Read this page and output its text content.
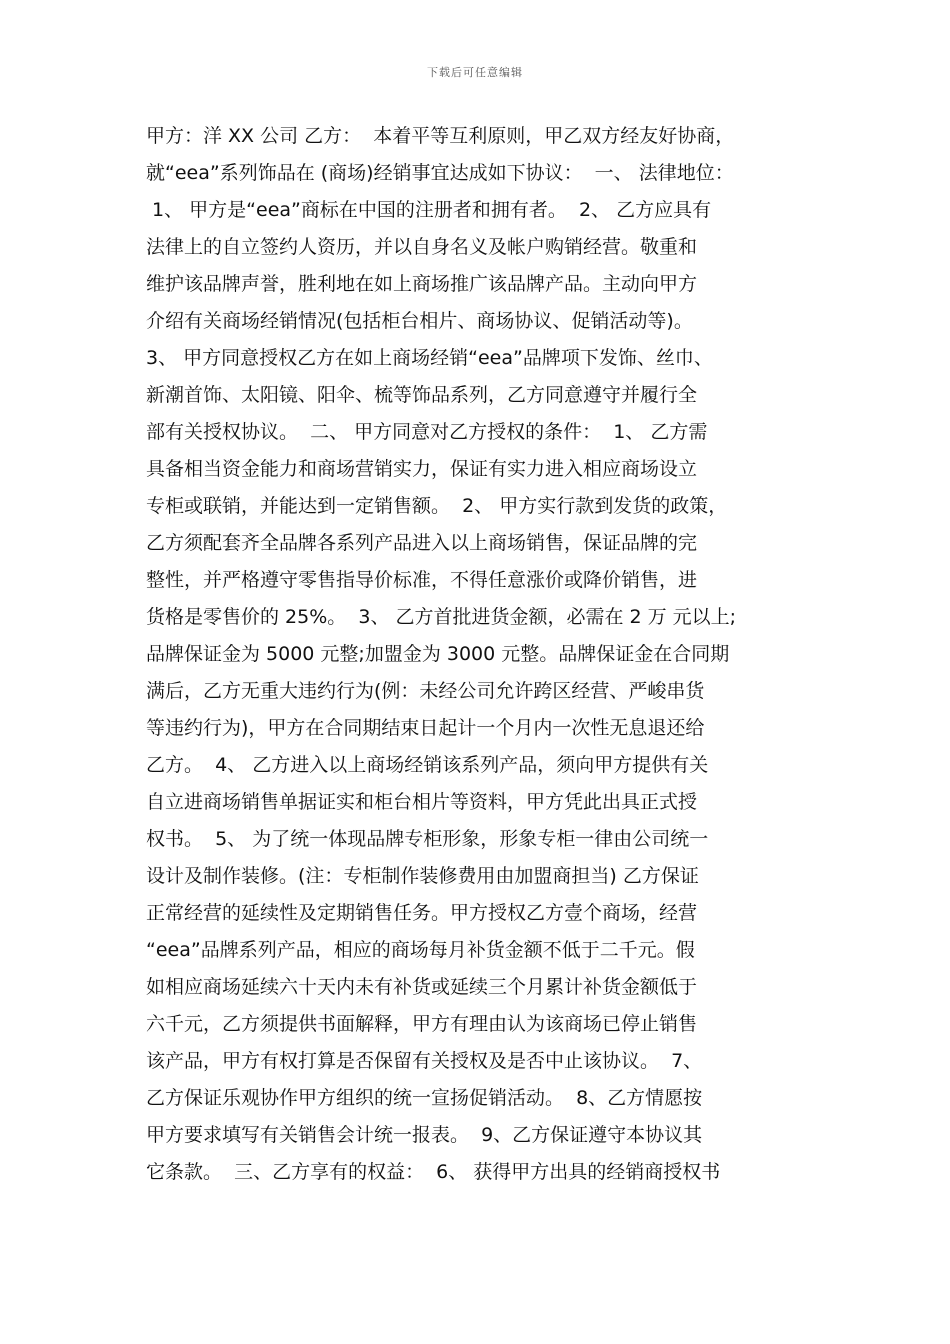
下载后可任意编辑
甲方：洋 XX 公司 乙方：  本着平等互利原则，甲乙双方经友好协商，
就“eea”系列饰品在 (商场)经销事宜达成如下协议：  一、 法律地位：
1、 甲方是“eea”商标在中国的注册者和拥有者。  2、 乙方应具有
法律上的自立签约人资历，并以自身名义及帐户购销经营。敬重和
维护该品牌声誉，胜利地在如上商场推广该品牌产品。主动向甲方
介绍有关商场经销情况(包括柜台相片、商场协议、促销活动等)。
3、 甲方同意授权乙方在如上商场经销“eea”品牌项下发饰、丝巾、
新潮首饰、太阳镜、阳伞、梳等饰品系列，乙方同意遵守并履行全
部有关授权协议。  二、 甲方同意对乙方授权的条件：  1、 乙方需
具备相当资金能力和商场营销实力，保证有实力进入相应商场设立
专柜或联销，并能达到一定销售额。  2、 甲方实行款到发货的政策，
乙方须配套齐全品牌各系列产品进入以上商场销售，保证品牌的完
整性，并严格遵守零售指导价标准，不得任意涨价或降价销售，进
货格是零售价的 25%。  3、 乙方首批进货金额，必需在 2 万 元以上;
品牌保证金为 5000 元整;加盟金为 3000 元整。品牌保证金在合同期
满后，乙方无重大违约行为(例：未经公司允许跨区经营、严峻串货
等违约行为)，甲方在合同期结束日起计一个月内一次性无息退还给
乙方。  4、 乙方进入以上商场经销该系列产品，须向甲方提供有关
自立进商场销售单据证实和柜台相片等资料，甲方凭此出具正式授
权书。  5、 为了统一体现品牌专柜形象，形象专柜一律由公司统一
设计及制作装修。(注：专柜制作装修费用由加盟商担当) 乙方保证
正常经营的延续性及定期销售任务。甲方授权乙方壹个商场，经营
“eea”品牌系列产品，相应的商场每月补货金额不低于二千元。假
如相应商场延续六十天内未有补货或延续三个月累计补货金额低于
六千元，乙方须提供书面解释，甲方有理由认为该商场已停止销售
该产品，甲方有权打算是否保留有关授权及是否中止该协议。  7、
乙方保证乐观协作甲方组织的统一宣扬促销活动。  8、乙方情愿按
甲方要求填写有关销售会计统一报表。  9、乙方保证遵守本协议其
它条款。  三、乙方享有的权益：  6、 获得甲方出具的经销商授权书
